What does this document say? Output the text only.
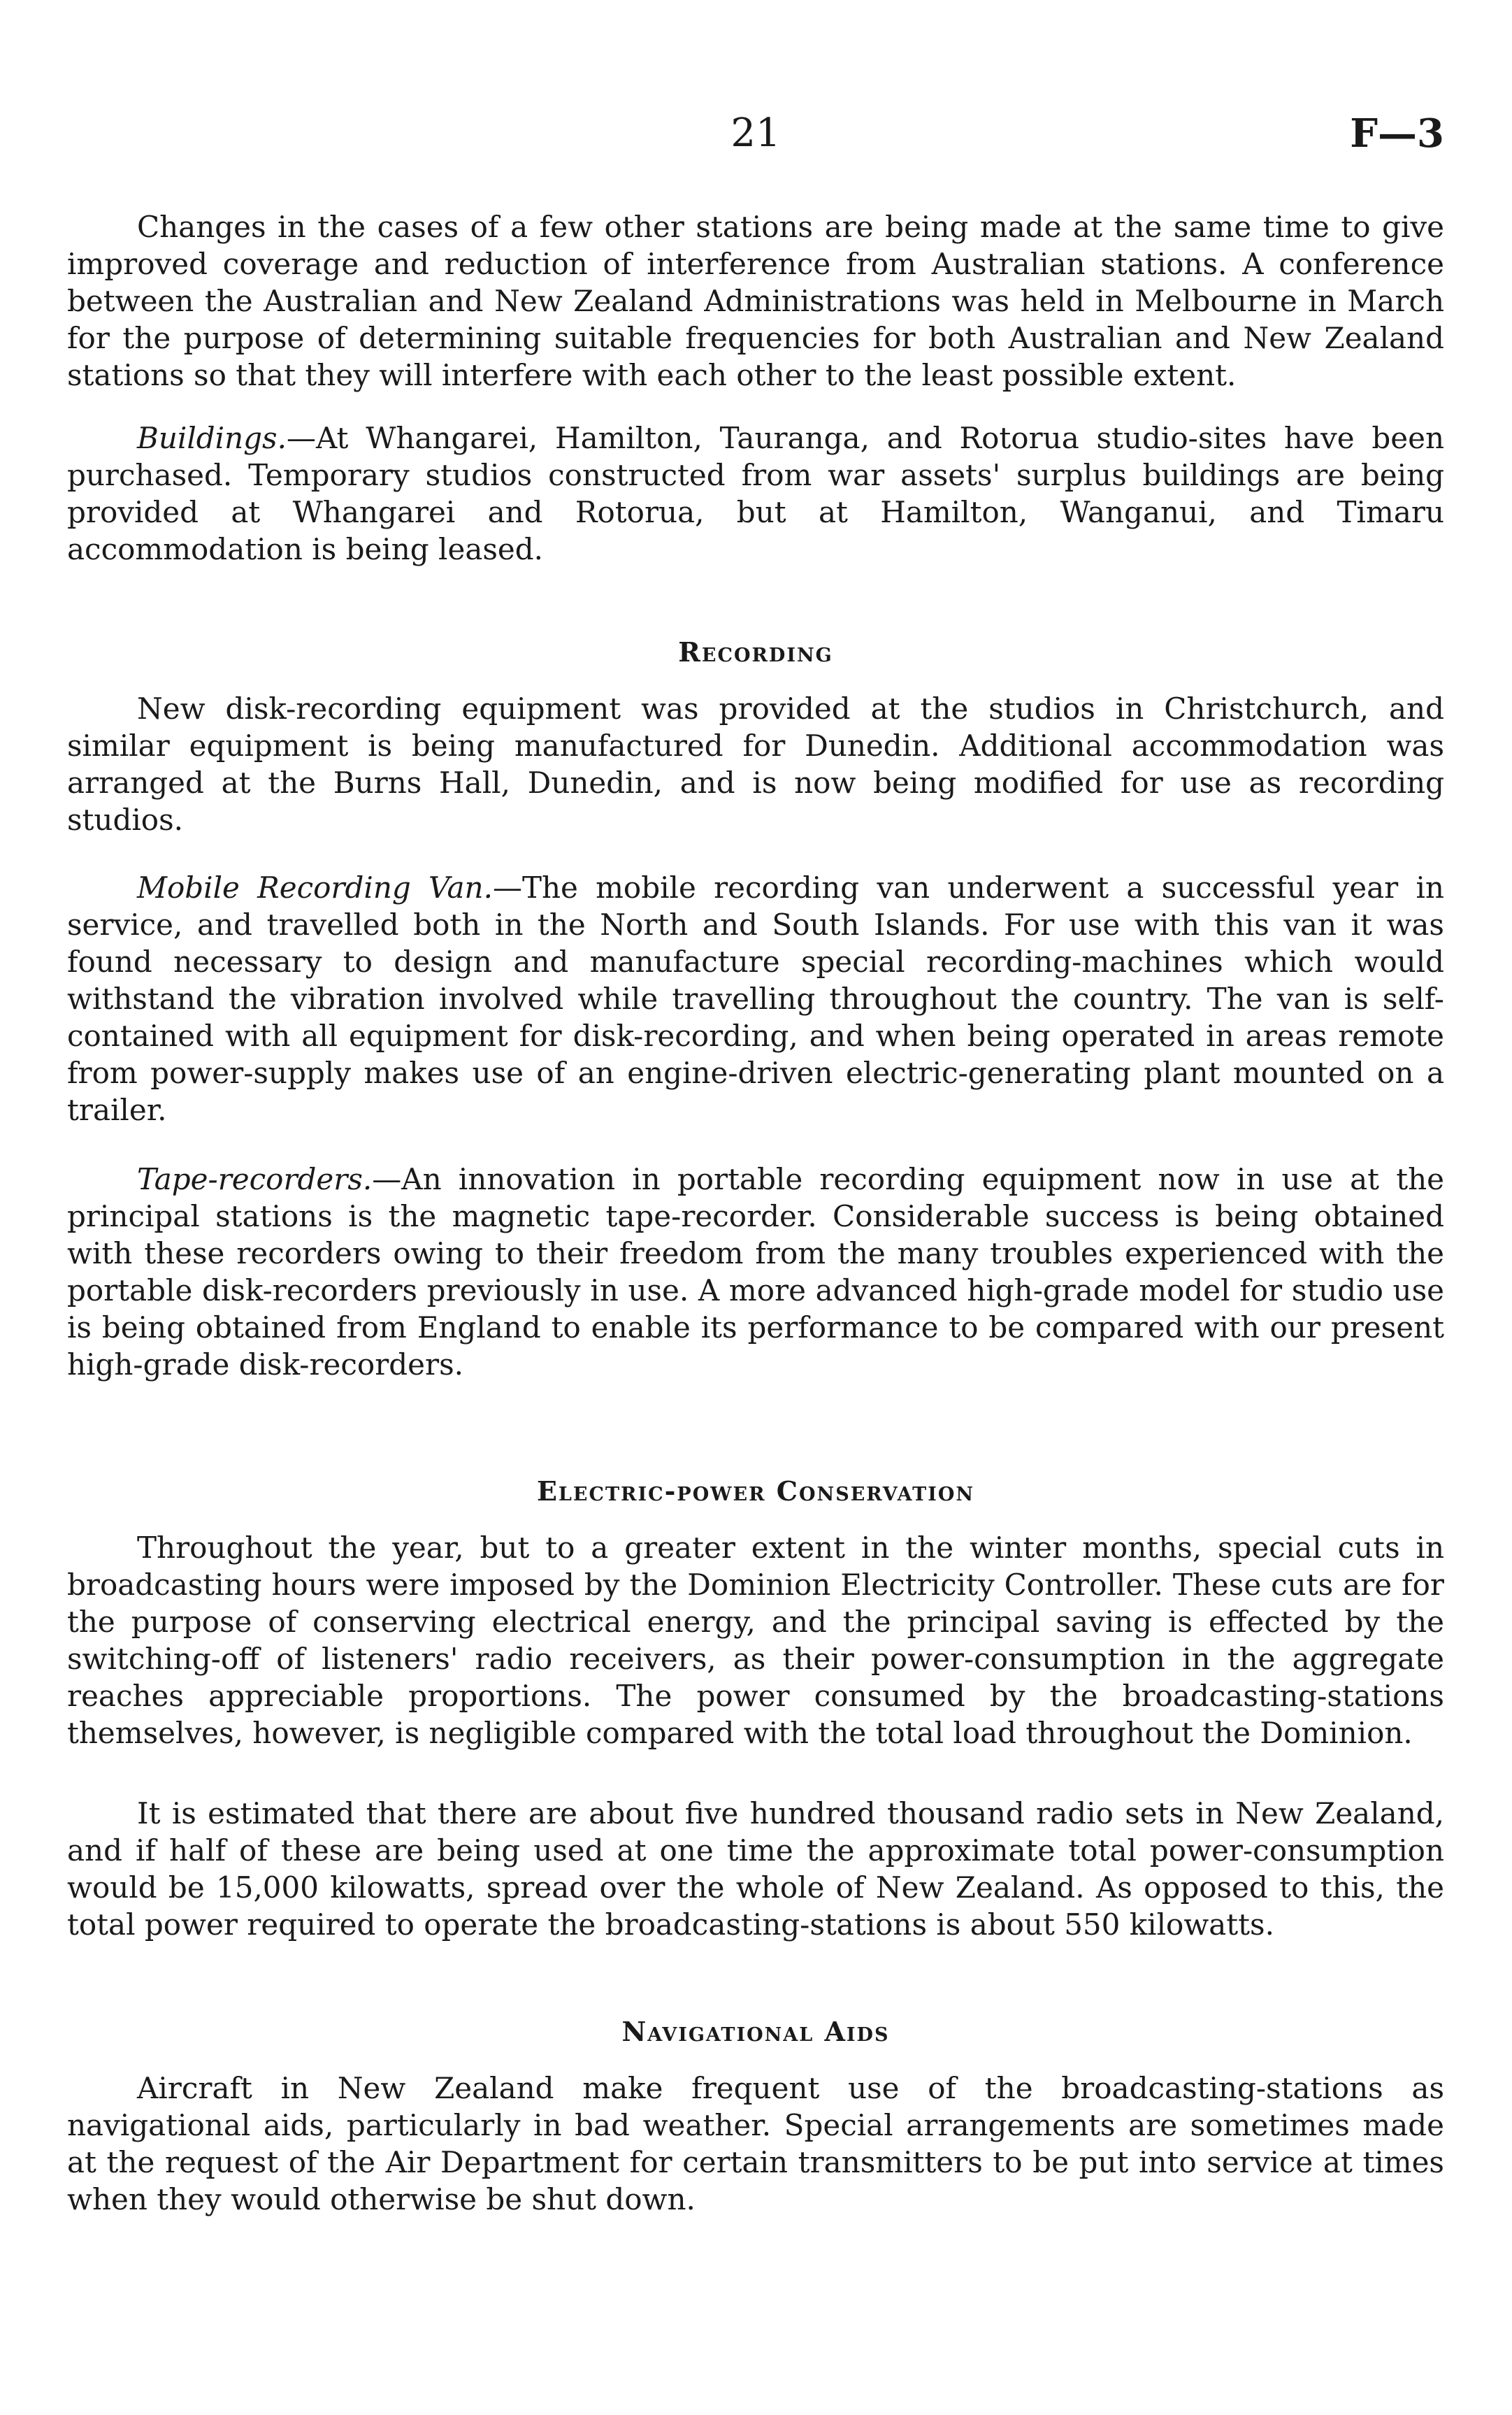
21	F—3

Changes in the cases of a few other stations are being made at the same time to give improved coverage and reduction of interference from Australian stations. A conference between the Australian and New Zealand Administrations was held in Melbourne in March for the purpose of determining suitable frequencies for both Australian and New Zealand stations so that they will interfere with each other to the least possible extent.

Buildings.—At Whangarei, Hamilton, Tauranga, and Rotorua studio-sites have been purchased. Temporary studios constructed from war assets' surplus buildings are being provided at Whangarei and Rotorua, but at Hamilton, Wanganui, and Timaru accommodation is being leased.

Recording

New disk-recording equipment was provided at the studios in Christchurch, and similar equipment is being manufactured for Dunedin. Additional accommodation was arranged at the Burns Hall, Dunedin, and is now being modified for use as recording studios.

Mobile Recording Van.—The mobile recording van underwent a successful year in service, and travelled both in the North and South Islands. For use with this van it was found necessary to design and manufacture special recording-machines which would withstand the vibration involved while travelling throughout the country. The van is self-contained with all equipment for disk-recording, and when being operated in areas remote from power-supply makes use of an engine-driven electric-generating plant mounted on a trailer.

Tape-recorders.—An innovation in portable recording equipment now in use at the principal stations is the magnetic tape-recorder. Considerable success is being obtained with these recorders owing to their freedom from the many troubles experienced with the portable disk-recorders previously in use. A more advanced high-grade model for studio use is being obtained from England to enable its performance to be compared with our present high-grade disk-recorders.

Electric-power Conservation

Throughout the year, but to a greater extent in the winter months, special cuts in broadcasting hours were imposed by the Dominion Electricity Controller. These cuts are for the purpose of conserving electrical energy, and the principal saving is effected by the switching-off of listeners' radio receivers, as their power-consumption in the aggregate reaches appreciable proportions. The power consumed by the broadcasting-stations themselves, however, is negligible compared with the total load throughout the Dominion.

It is estimated that there are about five hundred thousand radio sets in New Zealand, and if half of these are being used at one time the approximate total power-consumption would be 15,000 kilowatts, spread over the whole of New Zealand. As opposed to this, the total power required to operate the broadcasting-stations is about 550 kilowatts.

Navigational Aids

Aircraft in New Zealand make frequent use of the broadcasting-stations as navigational aids, particularly in bad weather. Special arrangements are sometimes made at the request of the Air Department for certain transmitters to be put into service at times when they would otherwise be shut down.
